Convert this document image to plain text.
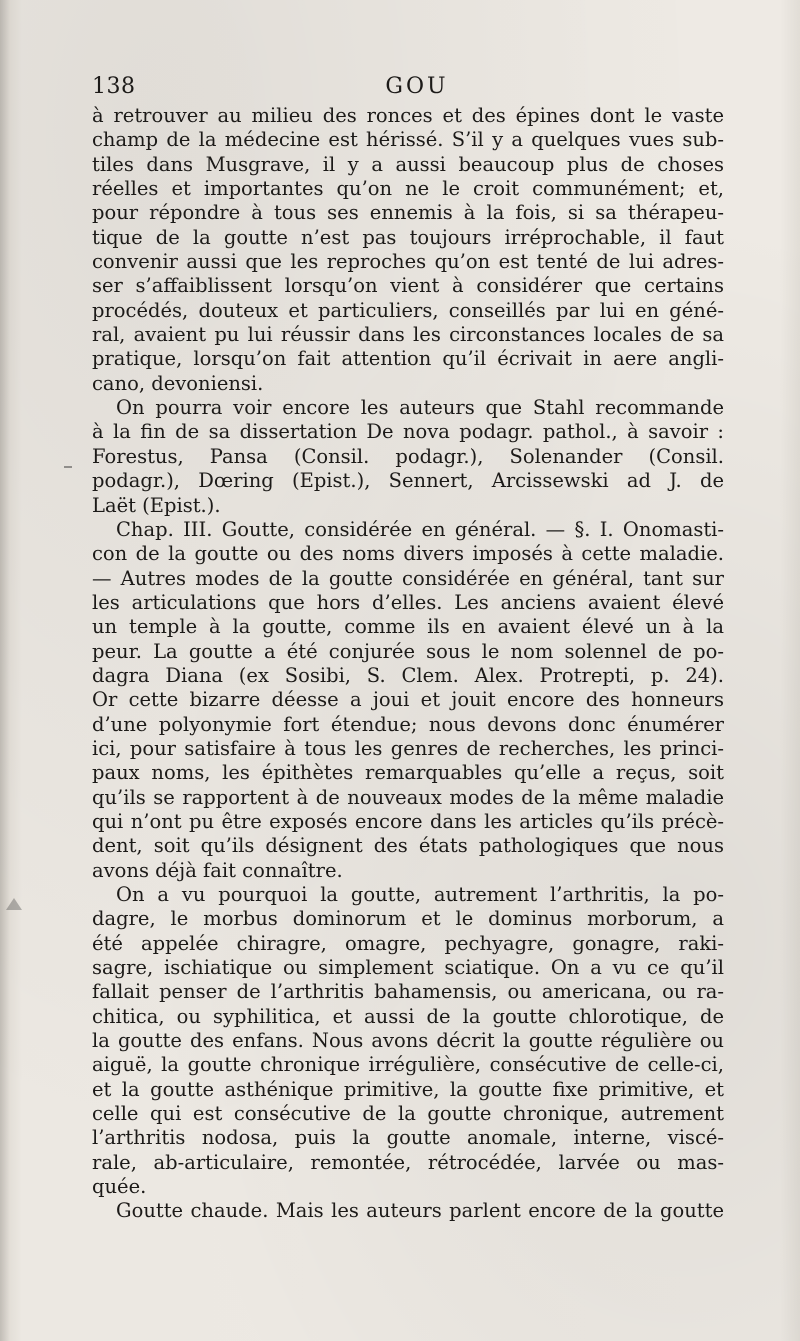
138	GOU
à retrouver au milieu des ronces et des épines dont le vaste
champ de la médecine est hérissé. S’il y a quelques vues sub-
tiles dans Musgrave, il y a aussi beaucoup plus de choses
réelles et importantes qu’on ne le croit communément; et,
pour répondre à tous ses ennemis à la fois, si sa thérapeu-
tique de la goutte n’est pas toujours irréprochable, il faut
convenir aussi que les reproches qu’on est tenté de lui adres-
ser s’affaiblissent lorsqu’on vient à considérer que certains
procédés, douteux et particuliers, conseillés par lui en géné-
ral, avaient pu lui réussir dans les circonstances locales de sa
pratique, lorsqu’on fait attention qu’il écrivait in aere angli-
cano, devoniensi.
On pourra voir encore les auteurs que Stahl recommande
à la fin de sa dissertation De nova podagr. pathol., à savoir :
Forestus, Pansa (Consil. podagr.), Solenander (Consil.
podagr.), Dœring (Epist.), Sennert, Arcissewski ad J. de
Laët (Epist.).
Chap. III. Goutte, considérée en général. — §. I. Onomasti-
con de la goutte ou des noms divers imposés à cette maladie.
— Autres modes de la goutte considérée en général, tant sur
les articulations que hors d’elles. Les anciens avaient élevé
un temple à la goutte, comme ils en avaient élevé un à la
peur. La goutte a été conjurée sous le nom solennel de po-
dagra Diana (ex Sosibi, S. Clem. Alex. Protrepti, p. 24).
Or cette bizarre déesse a joui et jouit encore des honneurs
d’une polyonymie fort étendue; nous devons donc énumérer
ici, pour satisfaire à tous les genres de recherches, les princi-
paux noms, les épithètes remarquables qu’elle a reçus, soit
qu’ils se rapportent à de nouveaux modes de la même maladie
qui n’ont pu être exposés encore dans les articles qu’ils précè-
dent, soit qu’ils désignent des états pathologiques que nous
avons déjà fait connaître.
On a vu pourquoi la goutte, autrement l’arthritis, la po-
dagre, le morbus dominorum et le dominus morborum, a
été appelée chiragre, omagre, pechyagre, gonagre, raki-
sagre, ischiatique ou simplement sciatique. On a vu ce qu’il
fallait penser de l’arthritis bahamensis, ou americana, ou ra-
chitica, ou syphilitica, et aussi de la goutte chlorotique, de
la goutte des enfans. Nous avons décrit la goutte régulière ou
aiguë, la goutte chronique irrégulière, consécutive de celle-ci,
et la goutte asthénique primitive, la goutte fixe primitive, et
celle qui est consécutive de la goutte chronique, autrement
l’arthritis nodosa, puis la goutte anomale, interne, viscé-
rale, ab-articulaire, remontée, rétrocédée, larvée ou mas-
quée.
Goutte chaude. Mais les auteurs parlent encore de la goutte
